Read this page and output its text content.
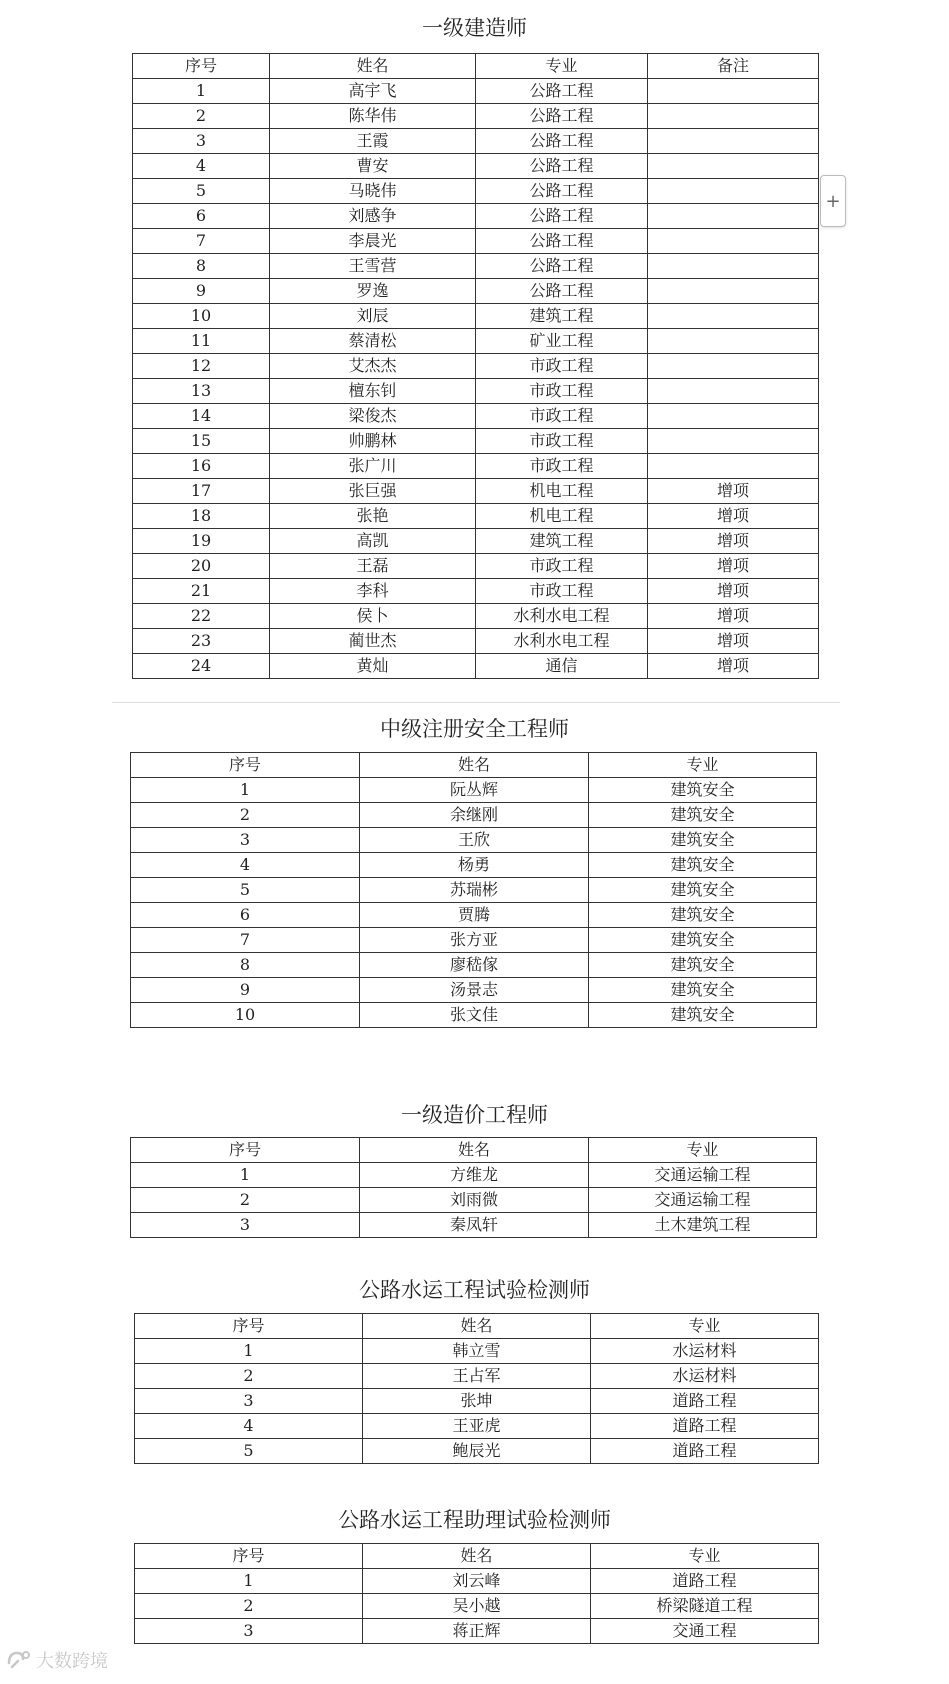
一级建造师
序号	姓名	专业	备注
1	高宇飞	公路工程	
2	陈华伟	公路工程	
3	王霞	公路工程	
4	曹安	公路工程	
5	马晓伟	公路工程	
6	刘感争	公路工程	
7	李晨光	公路工程	
8	王雪营	公路工程	
9	罗逸	公路工程	
10	刘辰	建筑工程	
11	蔡清松	矿业工程	
12	艾杰杰	市政工程	
13	檀东钊	市政工程	
14	梁俊杰	市政工程	
15	帅鹏林	市政工程	
16	张广川	市政工程	
17	张巨强	机电工程	增项
18	张艳	机电工程	增项
19	高凯	建筑工程	增项
20	王磊	市政工程	增项
21	李科	市政工程	增项
22	侯卜	水利水电工程	增项
23	蔺世杰	水利水电工程	增项
24	黄灿	通信	增项
+
中级注册安全工程师
序号	姓名	专业
1	阮丛辉	建筑安全
2	余继刚	建筑安全
3	王欣	建筑安全
4	杨勇	建筑安全
5	苏瑞彬	建筑安全
6	贾腾	建筑安全
7	张方亚	建筑安全
8	廖嵇傢	建筑安全
9	汤景志	建筑安全
10	张文佳	建筑安全
一级造价工程师
序号	姓名	专业
1	方维龙	交通运输工程
2	刘雨微	交通运输工程
3	秦凤轩	土木建筑工程
公路水运工程试验检测师
序号	姓名	专业
1	韩立雪	水运材料
2	王占军	水运材料
3	张坤	道路工程
4	王亚虎	道路工程
5	鲍辰光	道路工程
公路水运工程助理试验检测师
序号	姓名	专业
1	刘云峰	道路工程
2	吴小越	桥梁隧道工程
3	蒋正辉	交通工程
大数跨境
